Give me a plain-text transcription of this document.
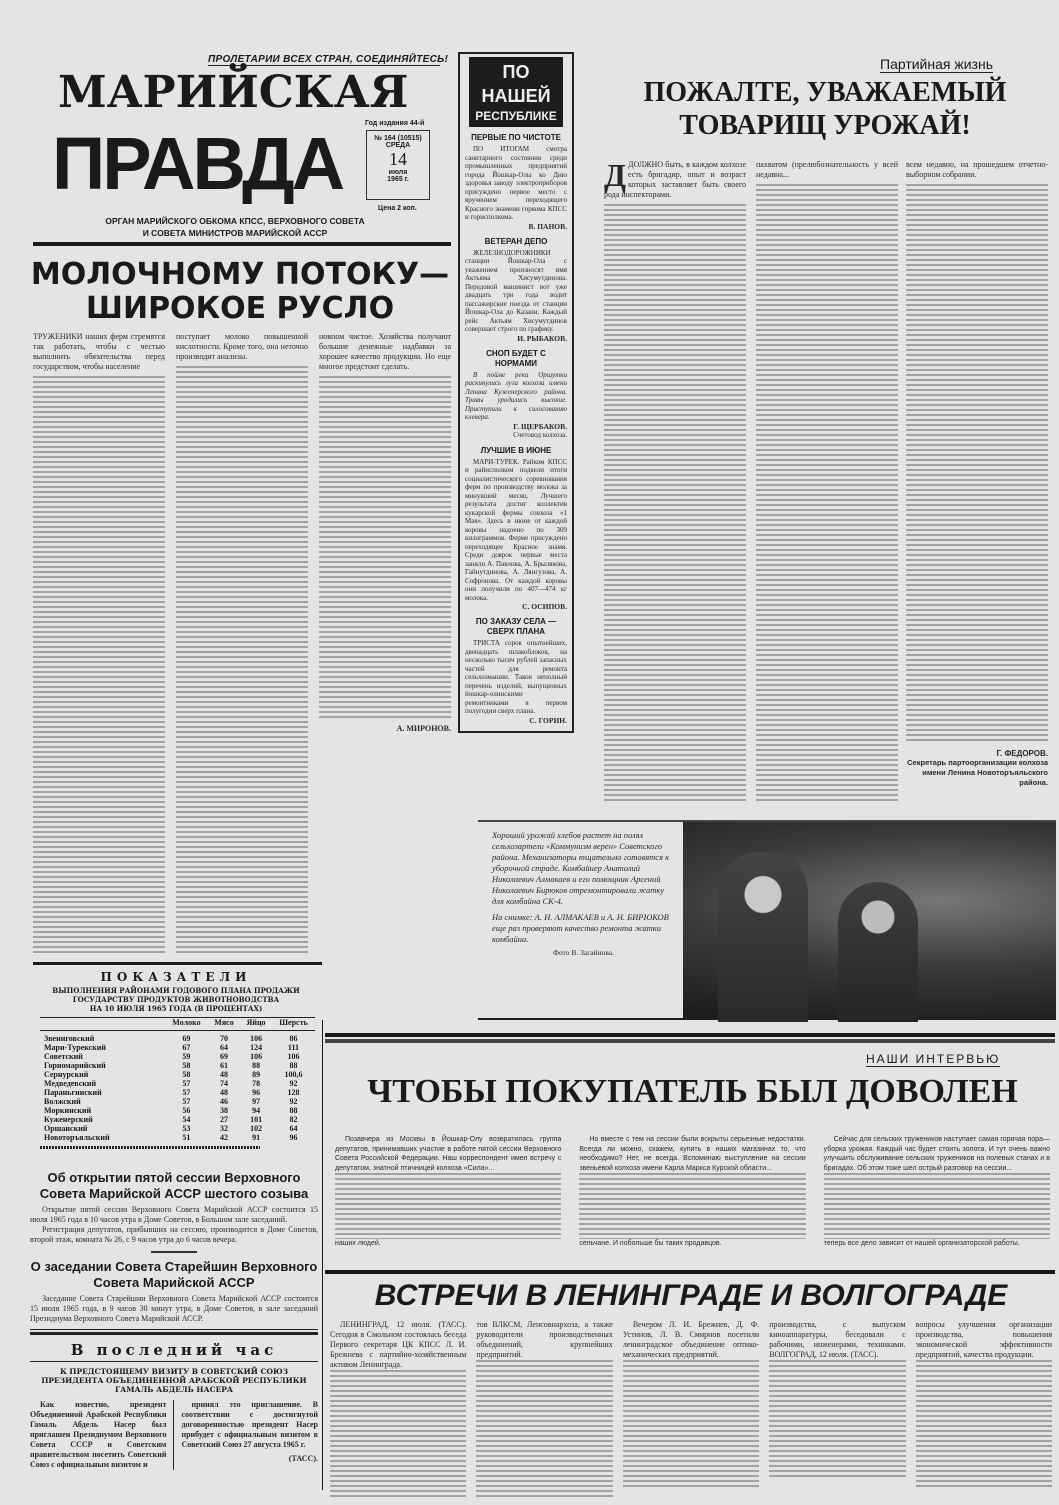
ПРОЛЕТАРИИ ВСЕХ СТРАН, СОЕДИНЯЙТЕСЬ!
МАРИЙСКАЯ
Год издания 44-й
ПРАВДА	№ 164 (10515)
СРЕДА
14
июля
1965 г.
Цена 2 коп.
ОРГАН МАРИЙСКОГО ОБКОМА КПСС, ВЕРХОВНОГО СОВЕТА
И СОВЕТА МИНИСТРОВ МАРИЙСКОЙ АССР
МОЛОЧНОМУ ПОТОКУ—
ШИРОКОЕ РУСЛО
ТРУЖЕНИКИ наших ферм стремятся так работать, чтобы с честью выполнить обязательства перед государством, чтобы население
поступает молоко повышенной кислотности. Кроме того, она неточно производит анализы.
новном чистое. Хозяйства получают большие денежные надбавки за хорошее качество продукции. Но еще многое предстоит сделать.
А. МИРОНОВ.
ПО НАШЕЙ
РЕСПУБЛИКЕ
ПЕРВЫЕ ПО ЧИСТОТЕ
ПО ИТОГАМ смотра санитарного состояния среди промышленных предприятий города Йошкар-Олы ко Дню здоровья заводу электроприборов присуждено первое место с вручением переходящего Красного знамени горкома КПСС и горисполкома.
В. ПАНОВ.
ВЕТЕРАН ДЕПО
ЖЕЛЕЗНОДОРОЖНИКИ станции Йошкар-Ола с уважением произносят имя Актьяма Хисумутдинова. Передовой машинист вот уже двадцать три года водит пассажирские поезда от станции Йошкар-Ола до Казани. Каждый рейс Актьям Хисумутдинов совершает строго по графику.
И. РЫБАКОВ.
СНОП БУДЕТ С НОРМАМИ
В пойме реки Оршутки раскинулись луга колхоза имени Ленина Куженерского района. Травы уродились высокие. Приступили к силосованию клевера.
Г. ЩЕРБАКОВ.
Счетовод колхоза.
ЛУЧШИЕ В ИЮНЕ
МАРИ-ТУРЕК. Райком КПСС и райисполком подвели итоги социалистического соревнования ферм по производству молока за минувший месяц. Лучшего результата достиг коллектив кукарской фермы совхоза «1 Мая». Здесь в июне от каждой коровы надоено по 309 килограммов. Ферме присуждено переходящее Красное знамя. Среди доярок первые места заняли А. Павлова, А. Брылякова, Гайнутдинова, А. Лянгузова, А. Софронова. От каждой коровы они получили по 407—474 кг молока.
С. ОСИПОВ.
ПО ЗАКАЗУ СЕЛА — СВЕРХ ПЛАНА
ТРИСТА сорок опытнейших, двенадцать шлакоблоков, на несколько тысяч рублей запасных частей для ремонта сельхозмашин. Таков неполный перечень изделий, выпущенных йошкар-олинскими ремонтниками в первом полугодии сверх плана.
С. ГОРИН.
Партийная жизнь
ПОЖАЛТЕ, УВАЖАЕМЫЙ
ТОВАРИЩ УРОЖАЙ!
ДДОЛЖНО быть, в каждом колхозе есть бригадир, опыт и возраст которых заставляет быть своего рода инспекторами.
пахватом (прелюбознательность у всей недавна...
всем недавно, на прошедшем отчетно-выборном собрании.
Г. ФЕДОРОВ.
Секретарь партоорганизации колхоза имени Ленина Новоторъяльского района.
Хороший урожай хлебов растет на полях сельхозартели «Коммунизм верен» Советского района. Механизаторы тщательно готовятся к уборочной страде. Комбайнер Анатолий Николаевич Алмакаев и его помощник Арсений Николаевич Бирюков отремонтировали жатку для комбайна СК-4.
На снимке: А. Н. АЛМАКАЕВ и А. Н. БИРЮКОВ еще раз проверяют качество ремонта жатки комбайна.
Фото В. Загайнова.
ПОКАЗАТЕЛИ
ВЫПОЛНЕНИЯ РАЙОНАМИ ГОДОВОГО ПЛАНА ПРОДАЖИ
ГОСУДАРСТВУ ПРОДУКТОВ ЖИВОТНОВОДСТВА
НА 10 ИЮЛЯ 1965 ГОДА (В ПРОЦЕНТАХ)
	Молоко	Мясо	Яйцо	Шерсть
Звениговский	69	70	106	86
Мари-Турекский	67	64	124	111
Советский	59	69	106	106
Горномарийский	58	61	88	88
Сернурский	58	48	89	100,6
Медведевский	57	74	78	92
Параньгинский	57	48	96	128
Волжский	57	46	97	92
Моркинский	56	38	94	88
Куженерский	54	27	101	82
Оршанский	53	32	102	64
Новоторъяльский	51	42	91	96
Об открытии пятой сессии Верховного Совета Марийской АССР шестого созыва
Открытие пятой сессии Верховного Совета Марийской АССР состоится 15 июля 1965 года в 10 часов утра в Доме Советов, в Большом зале заседаний.
Регистрация депутатов, прибывших на сессию, производится в Доме Советов, второй этаж, комната № 26, с 9 часов утра до 6 часов вечера.
О заседании Совета Старейшин Верховного Совета Марийской АССР
Заседание Совета Старейшин Верховного Совета Марийской АССР состоится 15 июля 1965 года, в 9 часов 30 минут утра, в Доме Советов, в зале заседаний Президиума Верховного Совета Марийской АССР.
В последний час
К ПРЕДСТОЯЩЕМУ ВИЗИТУ В СОВЕТСКИЙ СОЮЗ ПРЕЗИДЕНТА ОБЪЕДИНЕННОЙ АРАБСКОЙ РЕСПУБЛИКИ ГАМАЛЬ АБДЕЛЬ НАСЕРА
Как известно, президент Объединенной Арабской Республики Гамаль Абдель Насер был приглашен Президиумом Верховного Совета СССР и Советским правительством посетить Советский Союз с официальным визитом и
принял это приглашение. В соответствии с достигнутой договоренностью президент Насер прибудет с официальным визитом в Советский Союз 27 августа 1965 г.
(ТАСС).
НАШИ ИНТЕРВЬЮ
ЧТОБЫ ПОКУПАТЕЛЬ БЫЛ ДОВОЛЕН
Позавчера из Москвы в Йошкар-Олу возвратилась группа депутатов, принимавших участие в работе пятой сессии Верховного Совета Российской Федерации. Наш корреспондент имел встречу с депутатом, знатной птичницей колхоза «Сила»...
наших людей.
Но вместе с тем на сессии были вскрыты серьезные недостатки. Всегда ли можно, скажем, купить в наших магазинах то, что необходимо? Нет, не всегда. Вспоминаю выступление на сессии звеньевой колхоза имени Карла Маркса Курской области...
сельчане. И побольше бы таких продавцов.
Сейчас для сельских тружеников наступает самая горячая пора—уборка урожая. Каждый час будет стоить золота. И тут очень важно улучшить обслуживание сельских тружеников на полевых станах и в бригадах. Об этом тоже шел острый разговор на сессии...
теперь все дело зависит от нашей организаторской работы.
ВСТРЕЧИ В ЛЕНИНГРАДЕ И ВОЛГОГРАДЕ
ЛЕНИНГРАД, 12 июля. (ТАСС). Сегодня в Смольном состоялась беседа Первого секретаря ЦК КПСС Л. И. Брежнева с партийно-хозяйственным активом Ленинграда.
тов ВЛКСМ, Ленсовнархоза, а также руководители производственных объединений, крупнейших предприятий.
Вечером Л. И. Брежнев, Д. Ф. Устинов, Л. В. Смирнов посетили ленинградское объединение оптико-механических предприятий.
производства, с выпуском киноаппаратуры, беседовали с рабочими, инженерами, техниками. ВОЛГОГРАД, 12 июля. (ТАСС).
вопросы улучшения организации производства, повышения экономической эффективности предприятий, качества продукции.
